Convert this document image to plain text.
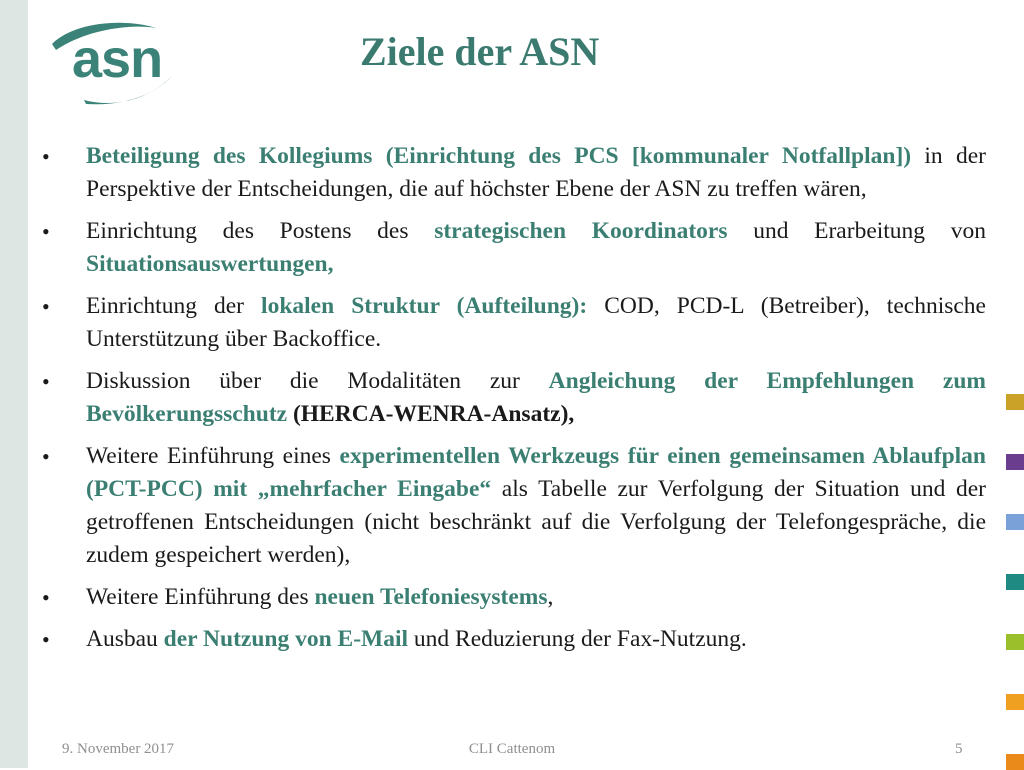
asn	Ziele der ASN
• Beteiligung des Kollegiums (Einrichtung des PCS [kommunaler Notfallplan]) in der Perspektive der Entscheidungen, die auf höchster Ebene der ASN zu treffen wären,
• Einrichtung des Postens des strategischen Koordinators und Erarbeitung von Situationsauswertungen,
• Einrichtung der lokalen Struktur (Aufteilung): COD, PCD-L (Betreiber), technische Unterstützung über Backoffice.
• Diskussion über die Modalitäten zur Angleichung der Empfehlungen zum Bevölkerungsschutz (HERCA-WENRA-Ansatz),
• Weitere Einführung eines experimentellen Werkzeugs für einen gemeinsamen Ablaufplan (PCT-PCC) mit „mehrfacher Eingabe“ als Tabelle zur Verfolgung der Situation und der getroffenen Entscheidungen (nicht beschränkt auf die Verfolgung der Telefongespräche, die zudem gespeichert werden),
• Weitere Einführung des neuen Telefoniesystems,
• Ausbau der Nutzung von E-Mail und Reduzierung der Fax-Nutzung.
9. November 2017	CLI Cattenom	5
